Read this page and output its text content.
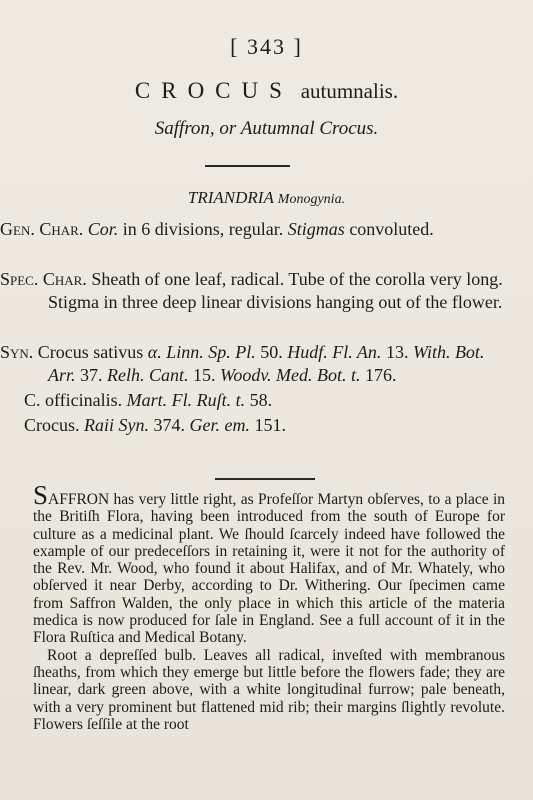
[ 343 ]
CROCUS autumnalis.
Saffron, or Autumnal Crocus.
TRIANDRIA Monogynia.

Gen. Char. Cor. in 6 divisions, regular. Stigmas convoluted.

Spec. Char. Sheath of one leaf, radical. Tube of the corolla very long. Stigma in three deep linear divisions hanging out of the flower.

Syn. Crocus sativus α. Linn. Sp. Pl. 50. Hudf. Fl. An. 13. With. Bot. Arr. 37. Relh. Cant. 15. Woodv. Med. Bot. t. 176.

C. officinalis. Mart. Fl. Ruſt. t. 58.

Crocus. Raii Syn. 374. Ger. em. 151.

SAFFRON has very little right, as Profeſſor Martyn obſerves, to a place in the Britiſh Flora, having been introduced from the south of Europe for culture as a medicinal plant. We ſhould ſcarcely indeed have followed the example of our predeceſſors in retaining it, were it not for the authority of the Rev. Mr. Wood, who found it about Halifax, and of Mr. Whately, who obſerved it near Derby, according to Dr. Withering. Our ſpecimen came from Saffron Walden, the only place in which this article of the materia medica is now produced for ſale in England. See a full account of it in the Flora Ruſtica and Medical Botany.

Root a depreſſed bulb. Leaves all radical, inveſted with membranous ſheaths, from which they emerge but little before the flowers fade; they are linear, dark green above, with a white longitudinal furrow; pale beneath, with a very prominent but flattened mid rib; their margins ſlightly revolute. Flowers ſeſſile at the root
